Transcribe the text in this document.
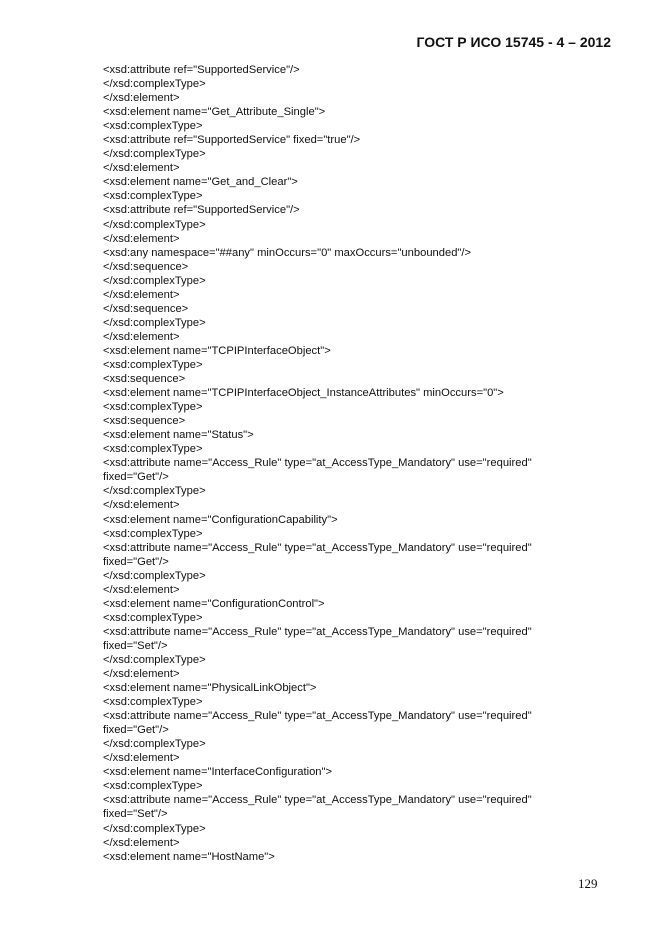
ГОСТ Р ИСО 15745 - 4 – 2012
<xsd:attribute ref="SupportedService"/>
</xsd:complexType>
</xsd:element>
<xsd:element name="Get_Attribute_Single">
<xsd:complexType>
<xsd:attribute ref="SupportedService" fixed="true"/>
</xsd:complexType>
</xsd:element>
<xsd:element name="Get_and_Clear">
<xsd:complexType>
<xsd:attribute ref="SupportedService"/>
</xsd:complexType>
</xsd:element>
<xsd:any namespace="##any" minOccurs="0" maxOccurs="unbounded"/>
</xsd:sequence>
</xsd:complexType>
</xsd:element>
</xsd:sequence>
</xsd:complexType>
</xsd:element>
<xsd:element name="TCPIPInterfaceObject">
<xsd:complexType>
<xsd:sequence>
<xsd:element name="TCPIPInterfaceObject_InstanceAttributes" minOccurs="0">
<xsd:complexType>
<xsd:sequence>
<xsd:element name="Status">
<xsd:complexType>
<xsd:attribute name="Access_Rule" type="at_AccessType_Mandatory" use="required"
fixed="Get"/>
</xsd:complexType>
</xsd:element>
<xsd:element name="ConfigurationCapability">
<xsd:complexType>
<xsd:attribute name="Access_Rule" type="at_AccessType_Mandatory" use="required"
fixed="Get"/>
</xsd:complexType>
</xsd:element>
<xsd:element name="ConfigurationControl">
<xsd:complexType>
<xsd:attribute name="Access_Rule" type="at_AccessType_Mandatory" use="required"
fixed="Set"/>
</xsd:complexType>
</xsd:element>
<xsd:element name="PhysicalLinkObject">
<xsd:complexType>
<xsd:attribute name="Access_Rule" type="at_AccessType_Mandatory" use="required"
fixed="Get"/>
</xsd:complexType>
</xsd:element>
<xsd:element name="InterfaceConfiguration">
<xsd:complexType>
<xsd:attribute name="Access_Rule" type="at_AccessType_Mandatory" use="required"
fixed="Set"/>
</xsd:complexType>
</xsd:element>
<xsd:element name="HostName">
129
